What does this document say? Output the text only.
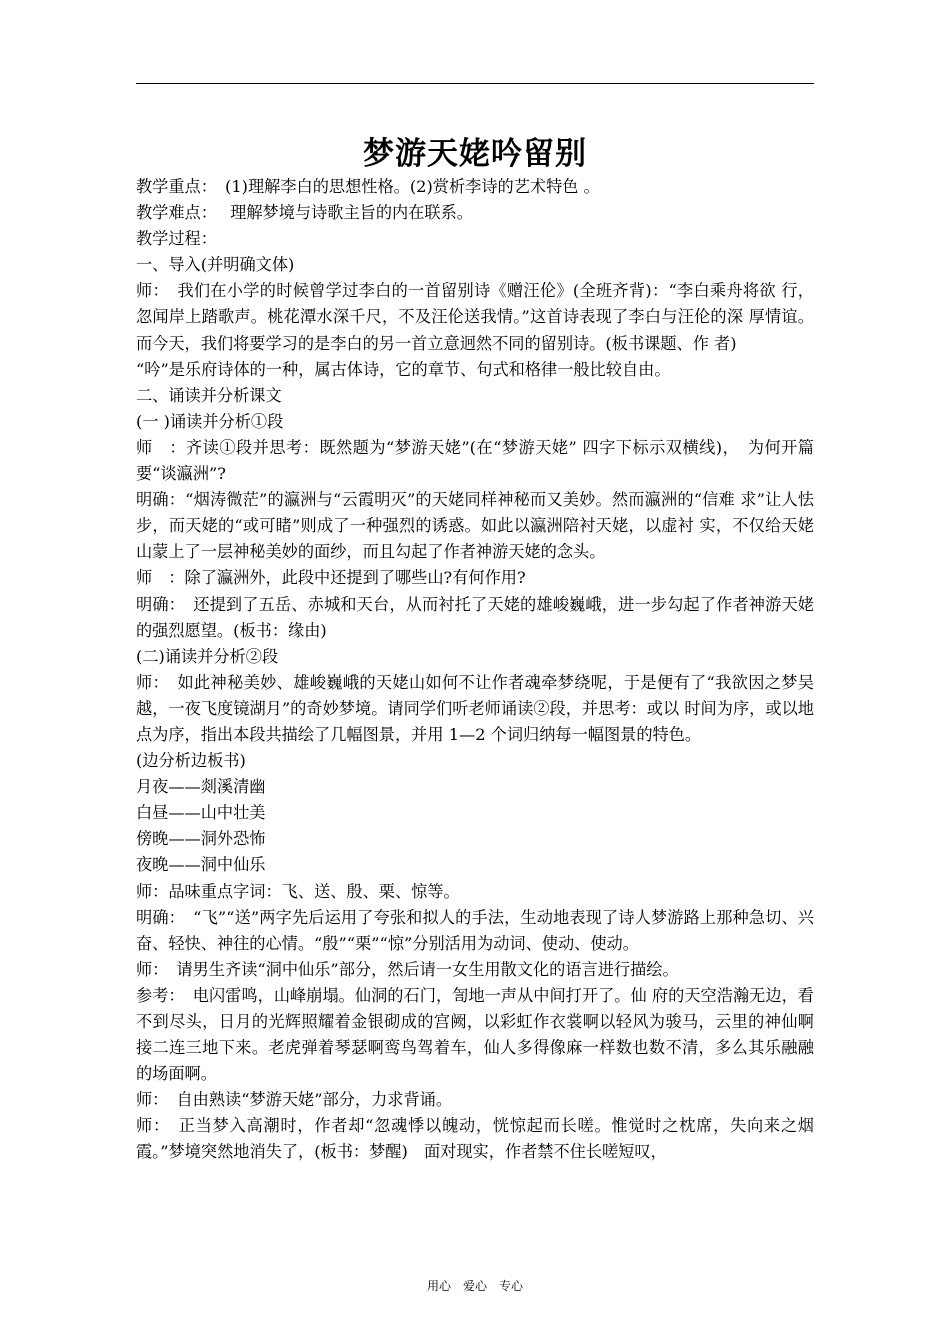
梦游天姥吟留别

教学重点：　(1)理解李白的思想性格。(2)赏析李诗的艺术特色 。

教学难点：　 理解梦境与诗歌主旨的内在联系。

教学过程：

一、导入(并明确文体)

师：　我们在小学的时候曾学过李白的一首留别诗《赠汪伦》(全班齐背)：“李白乘舟将欲 行，忽闻岸上踏歌声。桃花潭水深千尺，不及汪伦送我情。”这首诗表现了李白与汪伦的深 厚情谊。而今天，我们将要学习的是李白的另一首立意迥然不同的留别诗。(板书课题、作 者)

“吟”是乐府诗体的一种，属古体诗，它的章节、句式和格律一般比较自由。

二、诵读并分析课文

(一 )诵读并分析①段

师　：齐读①段并思考：既然题为“梦游天姥”(在“梦游天姥” 四字下标示双横线)，　为何开篇要“谈瀛洲”?

明确：“烟涛微茫”的瀛洲与“云霞明灭”的天姥同样神秘而又美妙。然而瀛洲的“信难 求”让人怯步，而天姥的“或可睹”则成了一种强烈的诱惑。如此以瀛洲陪衬天姥，以虚衬 实，不仅给天姥山蒙上了一层神秘美妙的面纱，而且勾起了作者神游天姥的念头。

师　：除了瀛洲外，此段中还提到了哪些山?有何作用?

明确：　还提到了五岳、赤城和天台，从而衬托了天姥的雄峻巍峨，进一步勾起了作者神游天姥的强烈愿望。(板书：缘由)

(二)诵读并分析②段

师：　如此神秘美妙、雄峻巍峨的天姥山如何不让作者魂牵梦绕呢，于是便有了“我欲因之梦吴越，一夜飞度镜湖月”的奇妙梦境。请同学们听老师诵读②段，并思考：或以 时间为序，或以地点为序，指出本段共描绘了几幅图景，并用 1—2 个词归纳每一幅图景的特色。

(边分析边板书)

月夜——剡溪清幽

白昼——山中壮美

傍晚——洞外恐怖

夜晚——洞中仙乐

师：品味重点字词：飞、送、殷、栗、惊等。

明确：　“飞”“送”两字先后运用了夸张和拟人的手法，生动地表现了诗人梦游路上那种急切、兴奋、轻快、神往的心情。“殷”“栗”“惊”分别活用为动词、使动、使动。

师：　请男生齐读“洞中仙乐”部分，然后请一女生用散文化的语言进行描绘。

参考：　电闪雷鸣，山峰崩塌。仙洞的石门，訇地一声从中间打开了。仙 府的天空浩瀚无边，看不到尽头，日月的光辉照耀着金银砌成的宫阙，以彩虹作衣裳啊以轻风为骏马，云里的神仙啊接二连三地下来。老虎弹着琴瑟啊鸾鸟驾着车，仙人多得像麻一样数也数不清，多么其乐融融的场面啊。

师：　自由熟读“梦游天姥”部分，力求背诵。

师：　正当梦入高潮时，作者却“忽魂悸以魄动，恍惊起而长嗟。惟觉时之枕席，失向来之烟霞。”梦境突然地消失了，(板书：梦醒)　面对现实，作者禁不住长嗟短叹，

用心　爱心　专心
